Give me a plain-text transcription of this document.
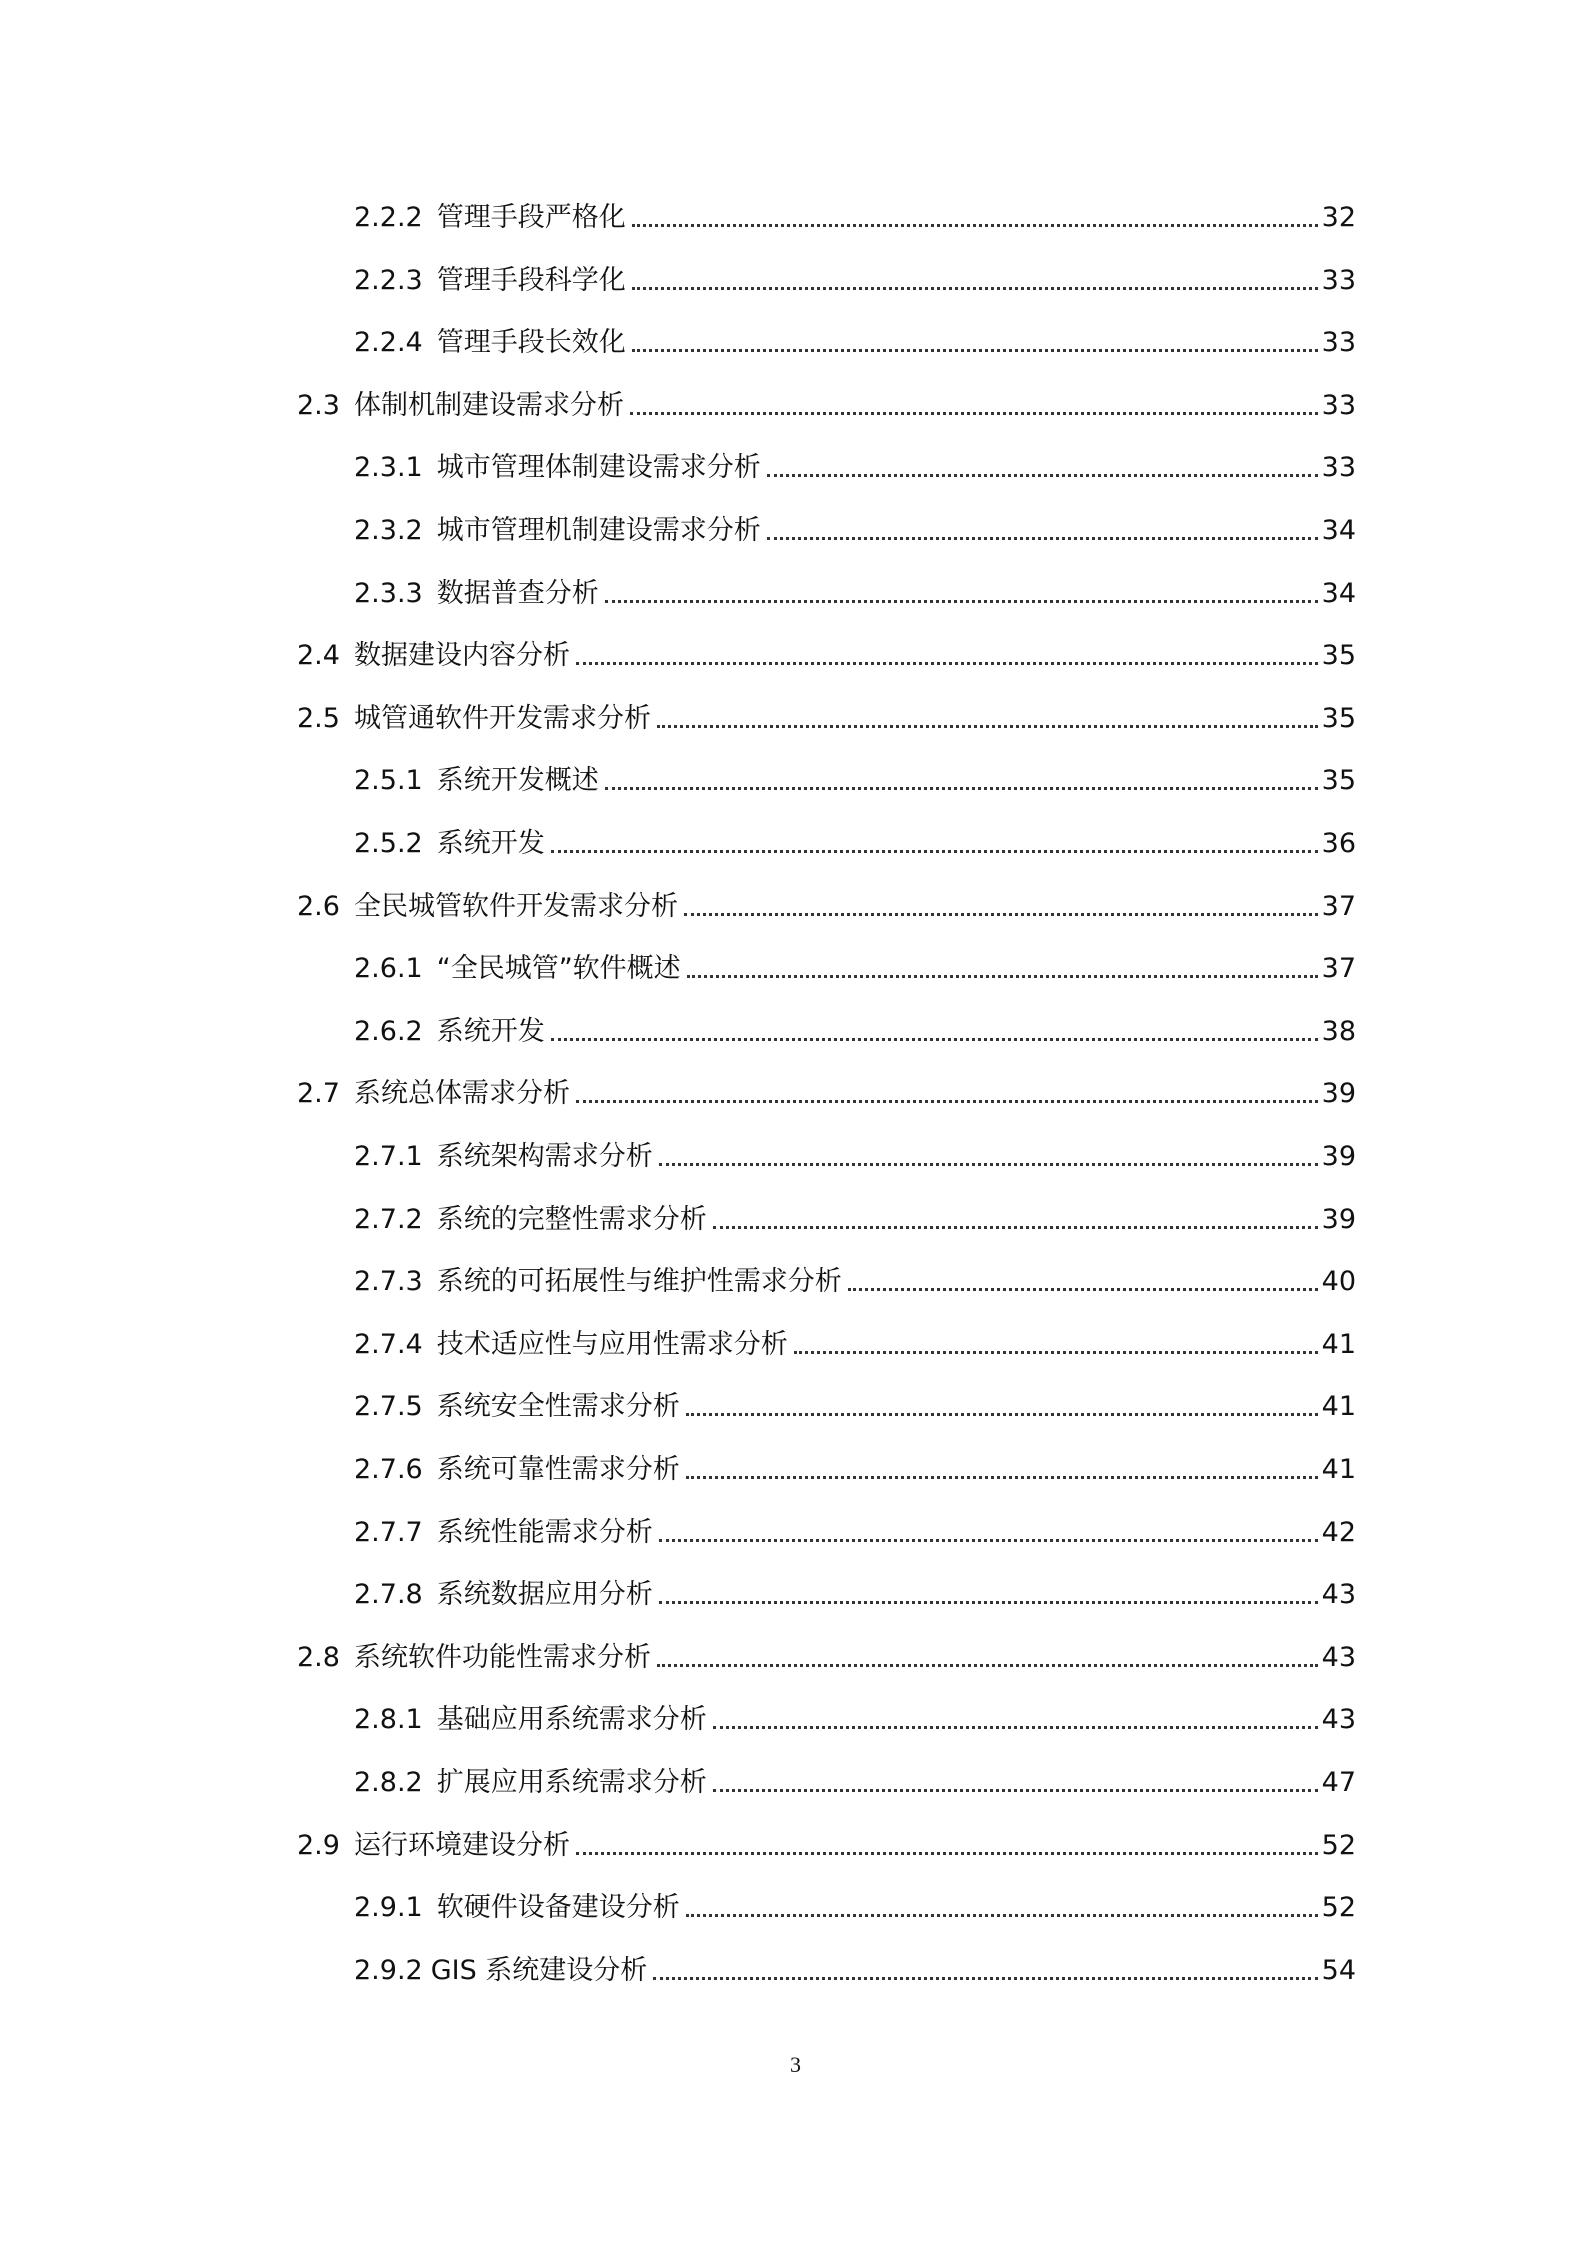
2.2.2 管理手段严格化	32
2.2.3 管理手段科学化	33
2.2.4 管理手段长效化	33
2.3 体制机制建设需求分析	33
2.3.1 城市管理体制建设需求分析	33
2.3.2 城市管理机制建设需求分析	34
2.3.3 数据普查分析	34
2.4 数据建设内容分析	35
2.5 城管通软件开发需求分析	35
2.5.1 系统开发概述	35
2.5.2 系统开发	36
2.6 全民城管软件开发需求分析	37
2.6.1 “全民城管”软件概述	37
2.6.2 系统开发	38
2.7 系统总体需求分析	39
2.7.1 系统架构需求分析	39
2.7.2 系统的完整性需求分析	39
2.7.3 系统的可拓展性与维护性需求分析	40
2.7.4 技术适应性与应用性需求分析	41
2.7.5 系统安全性需求分析	41
2.7.6 系统可靠性需求分析	41
2.7.7 系统性能需求分析	42
2.7.8 系统数据应用分析	43
2.8 系统软件功能性需求分析	43
2.8.1 基础应用系统需求分析	43
2.8.2 扩展应用系统需求分析	47
2.9 运行环境建设分析	52
2.9.1 软硬件设备建设分析	52
2.9.2 GIS 系统建设分析	54
3
